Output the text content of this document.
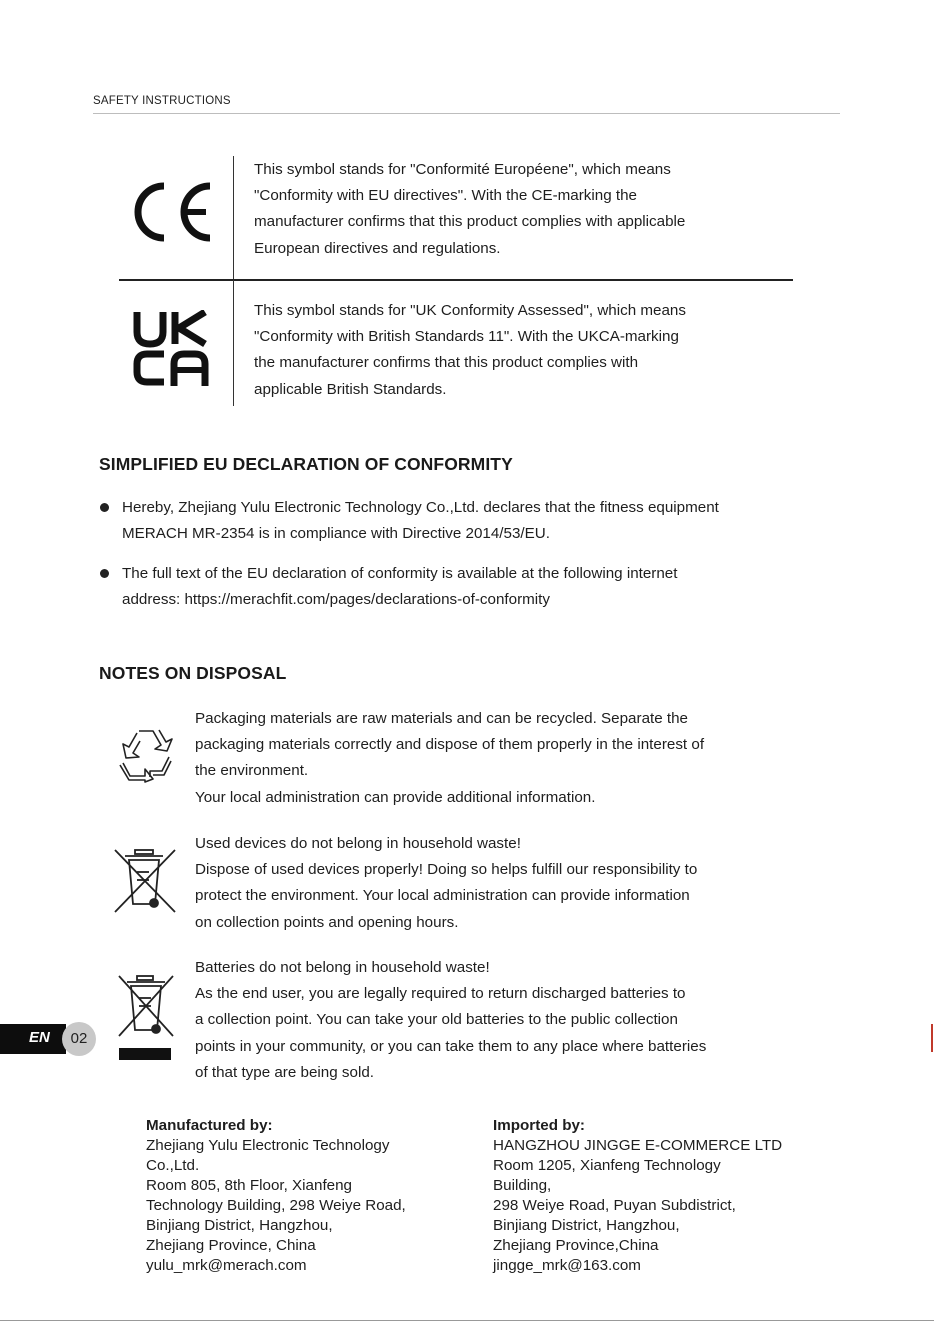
SAFETY INSTRUCTIONS
This symbol stands for "Conformité Européene", which means
"Conformity with EU directives". With the CE-marking the
manufacturer confirms that this product complies with applicable
European directives and regulations.
This symbol stands for "UK Conformity Assessed", which means
"Conformity with British Standards 11". With the UKCA-marking
the manufacturer confirms that this product complies with
applicable British Standards.
SIMPLIFIED EU DECLARATION OF CONFORMITY
Hereby, Zhejiang Yulu Electronic Technology Co.,Ltd. declares that the fitness equipment
MERACH MR-2354 is in compliance with Directive 2014/53/EU.
The full text of the EU declaration of conformity is available at the following internet
address: https://merachfit.com/pages/declarations-of-conformity
NOTES ON DISPOSAL

Packaging materials are raw materials and can be recycled. Separate the

packaging materials correctly and dispose of them properly in the interest of

the environment.

Your local administration can provide additional information.

Used devices do not belong in household waste!

Dispose of used devices properly! Doing so helps fulfill our responsibility to

protect the environment. Your local administration can provide information

on collection points and opening hours.

Batteries do not belong in household waste!

As the end user, you are legally required to return discharged batteries to

a collection point. You can take your old batteries to the public collection

points in your community, or you can take them to any place where batteries

of that type are being sold.

EN	02
Manufactured by:
Zhejiang Yulu Electronic Technology
Co.,Ltd.
Room 805, 8th Floor, Xianfeng
Technology Building, 298 Weiye Road,
Binjiang District, Hangzhou,
Zhejiang Province, China
yulu_mrk@merach.com
Imported by:
HANGZHOU JINGGE E-COMMERCE LTD
Room 1205, Xianfeng Technology
Building,
298 Weiye Road, Puyan Subdistrict,
Binjiang District, Hangzhou,
Zhejiang Province,China
jingge_mrk@163.com
